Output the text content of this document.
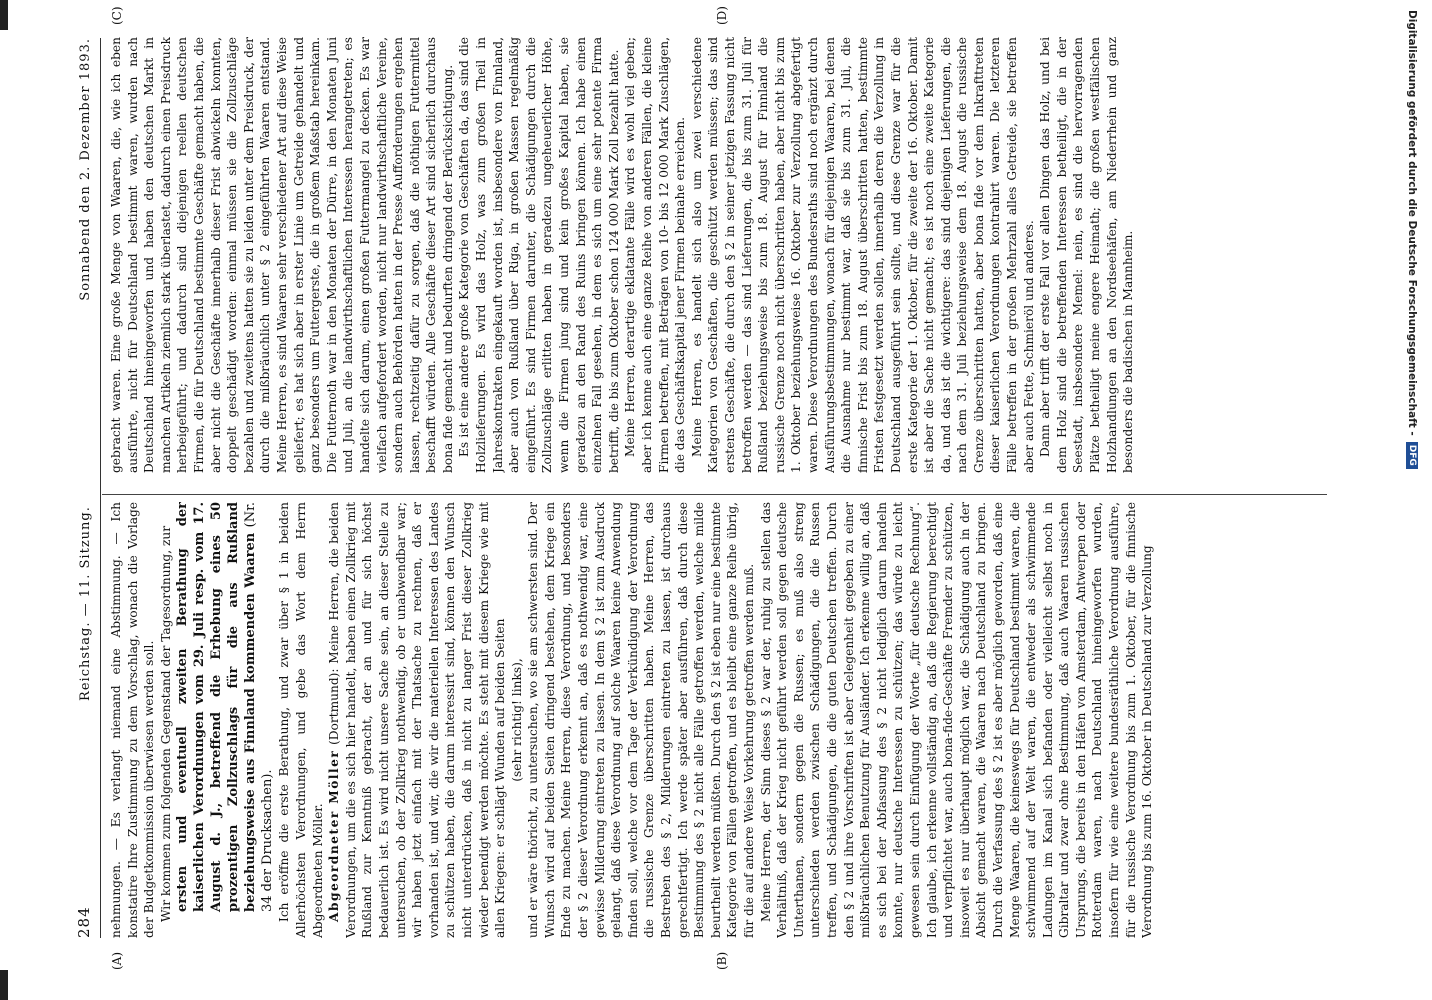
284
Reichstag. — 11. Sitzung.
Sonnabend den 2. Dezember 1893.
(A)	(B)
(C)	(D)

nehmungen. — Es verlangt niemand eine Abstimmung. — Ich konstatire Ihre Zustimmung zu dem Vorschlag, wonach die Vorlage der Budgetkommission überwiesen werden soll. Wir kommen zum folgenden Gegenstand der Tagesordnung, zur ersten und eventuell zweiten Berathung der kaiserlichen Verordnungen vom 29. Juli resp. vom 17. August d. J., betreffend die Erhebung eines 50 prozentigen Zollzuschlags für die aus Rußland beziehungsweise aus Finnland kommenden Waaren (Nr. 34 der Drucksachen). Ich eröffne die erste Berathung, und zwar über § 1 in beiden Allerhöchsten Verordnungen, und gebe das Wort dem Herrn Abgeordneten Möller. Abgeordneter Möller (Dortmund): Meine Herren, die beiden Verordnungen, um die es sich hier handelt, haben einen Zollkrieg mit Rußland zur Kenntniß gebracht, der an und für sich höchst bedauerlich ist. Es wird nicht unsere Sache sein, an dieser Stelle zu untersuchen, ob der Zollkrieg nothwendig, ob er unabwendbar war; wir haben jetzt einfach mit der Thatsache zu rechnen, daß er vorhanden ist, und wir, die wir die materiellen Interessen des Landes zu schützen haben, die darum interessirt sind, können den Wunsch nicht unterdrücken, daß in nicht zu langer Frist dieser Zollkrieg wieder beendigt werden möchte. Es steht mit diesem Kriege wie mit allen Kriegen: er schlägt Wunden auf beiden Seiten (sehr richtig! links), und er wäre thöricht, zu untersuchen, wo sie am schwersten sind. Der Wunsch wird auf beiden Seiten dringend bestehen, dem Kriege ein Ende zu machen. Meine Herren, diese Verordnung, und besonders der § 2 dieser Verordnung erkennt an, daß es nothwendig war, eine gewisse Milderung eintreten zu lassen. In dem § 2 ist zum Ausdruck gelangt, daß diese Verordnung auf solche Waaren keine Anwendung finden soll, welche vor dem Tage der Verkündigung der Verordnung die russische Grenze überschritten haben. Meine Herren, das Bestreben des § 2, Milderungen eintreten zu lassen, ist durchaus gerechtfertigt. Ich werde später aber ausführen, daß durch diese Bestimmung des § 2 nicht alle Fälle getroffen werden, welche milde beurtheilt werden müßten. Durch den § 2 ist eben nur eine bestimmte Kategorie von Fällen getroffen, und es bleibt eine ganze Reihe übrig, für die auf andere Weise Vorkehrung getroffen werden muß. Meine Herren, der Sinn dieses § 2 war der, ruhig zu stellen das Verhältniß, daß der Krieg nicht geführt werden soll gegen deutsche Unterthanen, sondern gegen die Russen; es muß also streng unterschieden werden zwischen Schädigungen, die die Russen treffen, und Schädigungen, die die guten Deutschen treffen. Durch den § 2 und ihre Vorschriften ist aber Gelegenheit gegeben zu einer mißbräuchlichen Benutzung für Ausländer. Ich erkenne willig an, daß es sich bei der Abfassung des § 2 nicht lediglich darum handeln konnte, nur deutsche Interessen zu schützen; das würde zu leicht gewesen sein durch Einfügung der Worte „für deutsche Rechnung“. Ich glaube, ich erkenne vollständig an, daß die Regierung berechtigt und verpflichtet war, auch bona-fide-Geschäfte Fremder zu schützen, insoweit es nur überhaupt möglich war, die Schädigung auch in der Absicht gemacht waren, die Waaren nach Deutschland zu bringen. Durch die Verfassung des § 2 ist es aber möglich geworden, daß eine Menge Waaren, die keineswegs für Deutschland bestimmt waren, die schwimmend auf der Welt waren, die entweder als schwimmende Ladungen im Kanal sich befanden oder vielleicht selbst noch in Gibraltar und zwar ohne Bestimmung, daß auch Waaren russischen Ursprungs, die bereits in den Häfen von Amsterdam, Antwerpen oder Rotterdam waren, nach Deutschland hineingeworfen wurden, insofern für wie eine weitere bundesräthliche Verordnung ausführe, für die russische Verordnung bis zum 1. Oktober, für die finnische Verordnung bis zum 16. Oktober in Deutschland zur Verzollung

gebracht waren. Eine große Menge von Waaren, die, wie ich eben ausführte, nicht für Deutschland bestimmt waren, wurden nach Deutschland hineingeworfen und haben den deutschen Markt in manchen Artikeln ziemlich stark überlastet, dadurch einen Preisdruck herbeigeführt; und dadurch sind diejenigen reellen deutschen Firmen, die für Deutschland bestimmte Geschäfte gemacht haben, die aber nicht die Geschäfte innerhalb dieser Frist abwickeln konnten, doppelt geschädigt worden: einmal müssen sie die Zollzuschläge bezahlen und zweitens hatten sie zu leiden unter dem Preisdruck, der durch die mißbräuchlich unter § 2 eingeführten Waaren entstand. Meine Herren, es sind Waaren sehr verschiedener Art auf diese Weise geliefert; es hat sich aber in erster Linie um Getreide gehandelt und ganz besonders um Futtergerste, die in großem Maßstab hereinkam. Die Futternoth war in den Monaten der Dürre, in den Monaten Juni und Juli, an die landwirthschaftlichen Interessen herangetreten; es handelte sich darum, einen großen Futtermangel zu decken. Es war vielfach aufgefordert worden, nicht nur landwirthschaftliche Vereine, sondern auch Behörden hatten in der Presse Aufforderungen ergehen lassen, rechtzeitig dafür zu sorgen, daß die nöthigen Futtermittel beschafft würden. Alle Geschäfte dieser Art sind sicherlich durchaus bona fide gemacht und bedurften dringend der Berücksichtigung. Es ist eine andere große Kategorie von Geschäften da, das sind die Holzlieferungen. Es wird das Holz, was zum großen Theil in Jahreskontrakten eingekauft worden ist, insbesondere von Finnland, aber auch von Rußland über Riga, in großen Massen regelmäßig eingeführt. Es sind Firmen darunter, die Schädigungen durch die Zollzuschläge erlitten haben in geradezu ungeheuerlicher Höhe, wenn die Firmen jung sind und kein großes Kapital haben, sie geradezu an den Rand des Ruins bringen können. Ich habe einen einzelnen Fall gesehen, in dem es sich um eine sehr potente Firma betrifft, die bis zum Oktober schon 124 000 Mark Zoll bezahlt hatte. Meine Herren, derartige eklatante Fälle wird es wohl viel geben; aber ich kenne auch eine ganze Reihe von anderen Fällen, die kleine Firmen betreffen, mit Beträgen von 10- bis 12 000 Mark Zuschlägen, die das Geschäftskapital jener Firmen beinahe erreichen. Meine Herren, es handelt sich also um zwei verschiedene Kategorien von Geschäften, die geschützt werden müssen; das sind erstens Geschäfte, die durch den § 2 in seiner jetzigen Fassung nicht betroffen werden — das sind Lieferungen, die bis zum 31. Juli für Rußland beziehungsweise bis zum 18. August für Finnland die russische Grenze noch nicht überschritten haben, aber nicht bis zum 1. Oktober beziehungsweise 16. Oktober zur Verzollung abgefertigt waren. Diese Verordnungen des Bundesraths sind noch ergänzt durch Ausführungsbestimmungen, wonach für diejenigen Waaren, bei denen die Ausnahme nur bestimmt war, daß sie bis zum 31. Juli, die finnische Frist bis zum 18. August überschritten hatten, bestimmte Fristen festgesetzt werden sollen, innerhalb deren die Verzollung in Deutschland ausgeführt sein sollte, und diese Grenze war für die erste Kategorie der 1. Oktober, für die zweite der 16. Oktober. Damit ist aber die Sache nicht gemacht; es ist noch eine zweite Kategorie da, und das ist die wichtigere: das sind diejenigen Lieferungen, die nach dem 31. Juli beziehungsweise dem 18. August die russische Grenze überschritten hatten, aber bona fide vor dem Inkrafttreten dieser kaiserlichen Verordnungen kontrahirt waren. Die letzteren Fälle betreffen in der großen Mehrzahl alles Getreide, sie betreffen aber auch Fette, Schmieröl und anderes. Dann aber trifft der erste Fall vor allen Dingen das Holz, und bei dem Holz sind die betreffenden Interessen betheiligt, die in der Seestadt, insbesondere Memel: nein, es sind die hervorragenden Plätze betheiligt meine engere Heimath; die großen westfälischen Holzhandlungen an den Nordseehäfen, am Niederrhein und ganz besonders die badischen in Mannheim.	Digitalisierung gefördert durch die Deutsche Forschungsgemeinschaft -
DFG
